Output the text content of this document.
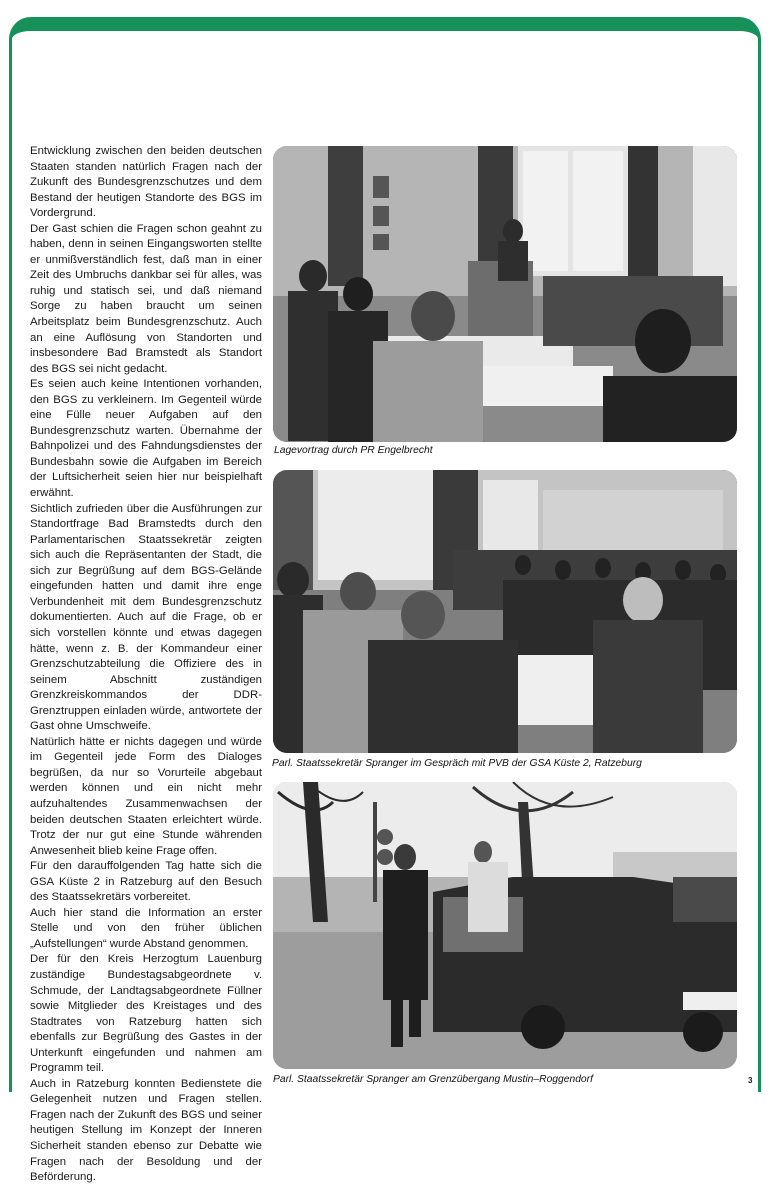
Entwicklung zwischen den beiden deutschen Staaten standen natürlich Fragen nach der Zukunft des Bundesgrenzschutzes und dem Bestand der heutigen Standorte des BGS im Vordergrund.

Der Gast schien die Fragen schon geahnt zu haben, denn in seinen Eingangsworten stellte er unmißverständlich fest, daß man in einer Zeit des Umbruchs dankbar sei für alles, was ruhig und statisch sei, und daß niemand Sorge zu haben braucht um seinen Arbeitsplatz beim Bundesgrenzschutz. Auch an eine Auflösung von Standorten und insbesondere Bad Bramstedt als Standort des BGS sei nicht gedacht.

Es seien auch keine Intentionen vorhanden, den BGS zu verkleinern. Im Gegenteil würde eine Fülle neuer Aufgaben auf den Bundesgrenzschutz warten. Übernahme der Bahnpolizei und des Fahndungsdienstes der Bundesbahn sowie die Aufgaben im Bereich der Luftsicherheit seien hier nur beispielhaft erwähnt.

Sichtlich zufrieden über die Ausführungen zur Standortfrage Bad Bramstedts durch den Parlamentarischen Staatssekretär zeigten sich auch die Repräsentanten der Stadt, die sich zur Begrüßung auf dem BGS-Gelände eingefunden hatten und damit ihre enge Verbundenheit mit dem Bundesgrenzschutz dokumentierten. Auch auf die Frage, ob er sich vorstellen könnte und etwas dagegen hätte, wenn z. B. der Kommandeur einer Grenzschutzabteilung die Offiziere des in seinem Abschnitt zuständigen Grenzkreiskommandos der DDR-Grenztruppen einladen würde, antwortete der Gast ohne Umschweife.

Natürlich hätte er nichts dagegen und würde im Gegenteil jede Form des Dialoges begrüßen, da nur so Vorurteile abgebaut werden können und ein nicht mehr aufzuhaltendes Zusammenwachsen der beiden deutschen Staaten erleichtert würde. Trotz der nur gut eine Stunde währenden Anwesenheit blieb keine Frage offen.

Für den darauffolgenden Tag hatte sich die GSA Küste 2 in Ratzeburg auf den Besuch des Staatssekretärs vorbereitet.

Auch hier stand die Information an erster Stelle und von den früher üblichen „Aufstellungen“ wurde Abstand genommen.

Der für den Kreis Herzogtum Lauenburg zuständige Bundestagsabgeordnete v. Schmude, der Landtagsabgeordnete Füllner sowie Mitglieder des Kreistages und des Stadtrates von Ratzeburg hatten sich ebenfalls zur Begrüßung des Gastes in der Unterkunft eingefunden und nahmen am Programm teil.

Auch in Ratzeburg konnten Bedienstete die Gelegenheit nutzen und Fragen stellen. Fragen nach der Zukunft des BGS und seiner heutigen Stellung im Konzept der Inneren Sicherheit standen ebenso zur Debatte wie Fragen nach der Besoldung und der Beförderung.

Lagevortrag durch PR Engelbrecht
Parl. Staatssekretär Spranger im Gespräch mit PVB der GSA Küste 2, Ratzeburg
Parl. Staatssekretär Spranger am Grenzübergang Mustin–Roggendorf	3
